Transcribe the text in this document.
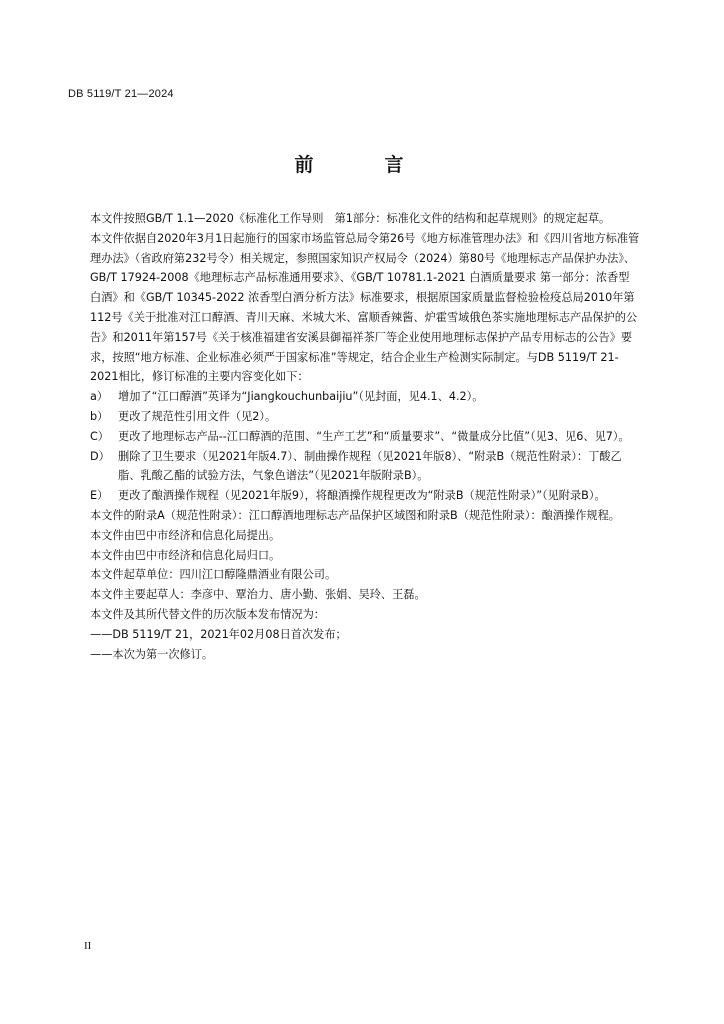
DB 5119/T 21—2024
前　言

本文件按照GB/T 1.1—2020《标准化工作导则　第1部分：标准化文件的结构和起草规则》的规定起草。

本文件依据自2020年3月1日起施行的国家市场监管总局令第26号《地方标准管理办法》和《四川省地方标准管理办法》（省政府第232号令）相关规定，参照国家知识产权局令（2024）第80号《地理标志产品保护办法》、GB/T 17924-2008《地理标志产品标准通用要求》、《GB/T 10781.1-2021 白酒质量要求 第一部分：浓香型白酒》和《GB/T 10345-2022 浓香型白酒分析方法》标准要求，根据原国家质量监督检验检疫总局2010年第112号《关于批准对江口醇酒、青川天麻、米城大米、富顺香辣酱、炉霍雪域俄色茶实施地理标志产品保护的公告》和2011年第157号《关于核准福建省安溪县御福祥茶厂等企业使用地理标志保护产品专用标志的公告》要求，按照“地方标准、企业标准必须严于国家标准”等规定，结合企业生产检测实际制定。与DB 5119/T 21-2021相比，修订标准的主要内容变化如下：

a） 增加了“江口醇酒”英译为“Jiangkouchunbaijiu”（见封面，见4.1、4.2）。
b） 更改了规范性引用文件（见2）。
C） 更改了地理标志产品--江口醇酒的范围、“生产工艺”和“质量要求”、“微量成分比值”（见3、见6、见7）。
D） 删除了卫生要求（见2021年版4.7）、制曲操作规程（见2021年版8）、“附录B（规范性附录）：丁酸乙脂、乳酸乙酯的试验方法，气象色谱法”（见2021年版附录B）。
E） 更改了酿酒操作规程（见2021年版9），将酿酒操作规程更改为“附录B（规范性附录）”（见附录B）。

本文件的附录A（规范性附录）：江口醇酒地理标志产品保护区域图和附录B（规范性附录）：酿酒操作规程。

本文件由巴中市经济和信息化局提出。

本文件由巴中市经济和信息化局归口。

本文件起草单位：四川江口醇隆鼎酒业有限公司。

本文件主要起草人：李彦中、覃治力、唐小勤、张娟、吴玲、王磊。

本文件及其所代替文件的历次版本发布情况为：

——DB 5119/T 21，2021年02月08日首次发布；

——本次为第一次修订。

II
